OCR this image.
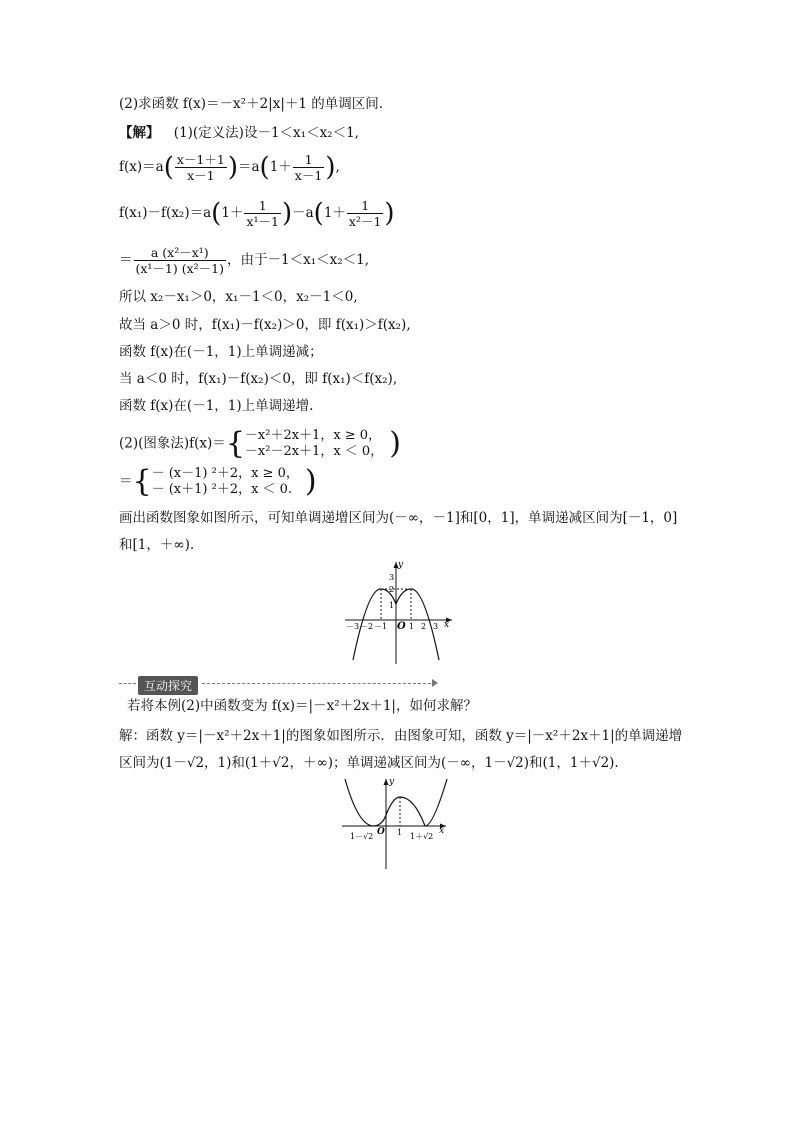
(2)求函数 f(x)＝－x²＋2|x|＋1 的单调区间.
【解】 (1)(定义法)设－1＜x₁＜x₂＜1,
$f(x)=a( \frac{x-1+1}{x-1} )=a(1+ \frac{1}{x-1}$ ),
$f(x_1)-f(x_2)=a(1+ \frac{1}{\text{x¹－1}} )-a(1+ \frac{1}{\text{x²－1}}$ )
＝ $\frac{\text{a (x²－x¹)}}{\text{(x¹－1) (x²－1)}}$ ，由于－1＜x₁＜x₂＜1,
所以 x₂－x₁＞0，x₁－1＜0，x₂－1＜0,
故当 a＞0 时，f(x₁)－f(x₂)＞0，即 f(x₁)＞f(x₂),
函数 f(x)在(－1，1)上单调递减；
当 a＜0 时，f(x₁)－f(x₂)＜0，即 f(x₁)＜f(x₂),
函数 f(x)在(－1，1)上单调递增.
(2)(图象法)f(x)＝{ －x²＋2x＋1，x ≥ 0，
－x²－2x＋1，x ＜ 0， )
＝{ － (x－1) ²＋2，x ≥ 0，
－ (x＋1) ²＋2，x ＜ 0. )
画出函数图象如图所示，可知单调递增区间为(－∞，－1]和[0，1]，单调递减区间为[－1，0]
和[1，＋∞).
y
x
O
3
2
1
－3 －2 －1	1 2 3
互动探究
若将本例(2)中函数变为 f(x)＝|－x²＋2x＋1|，如何求解？
解：函数 y＝|－x²＋2x＋1|的图象如图所示．由图象可知，函数 y＝|－x²＋2x＋1|的单调递增
区间为(1－√2，1)和(1＋√2，＋∞)；单调递减区间为(－∞，1－√2)和(1，1＋√2).
y
x
O
1－√2	1 1＋√2
